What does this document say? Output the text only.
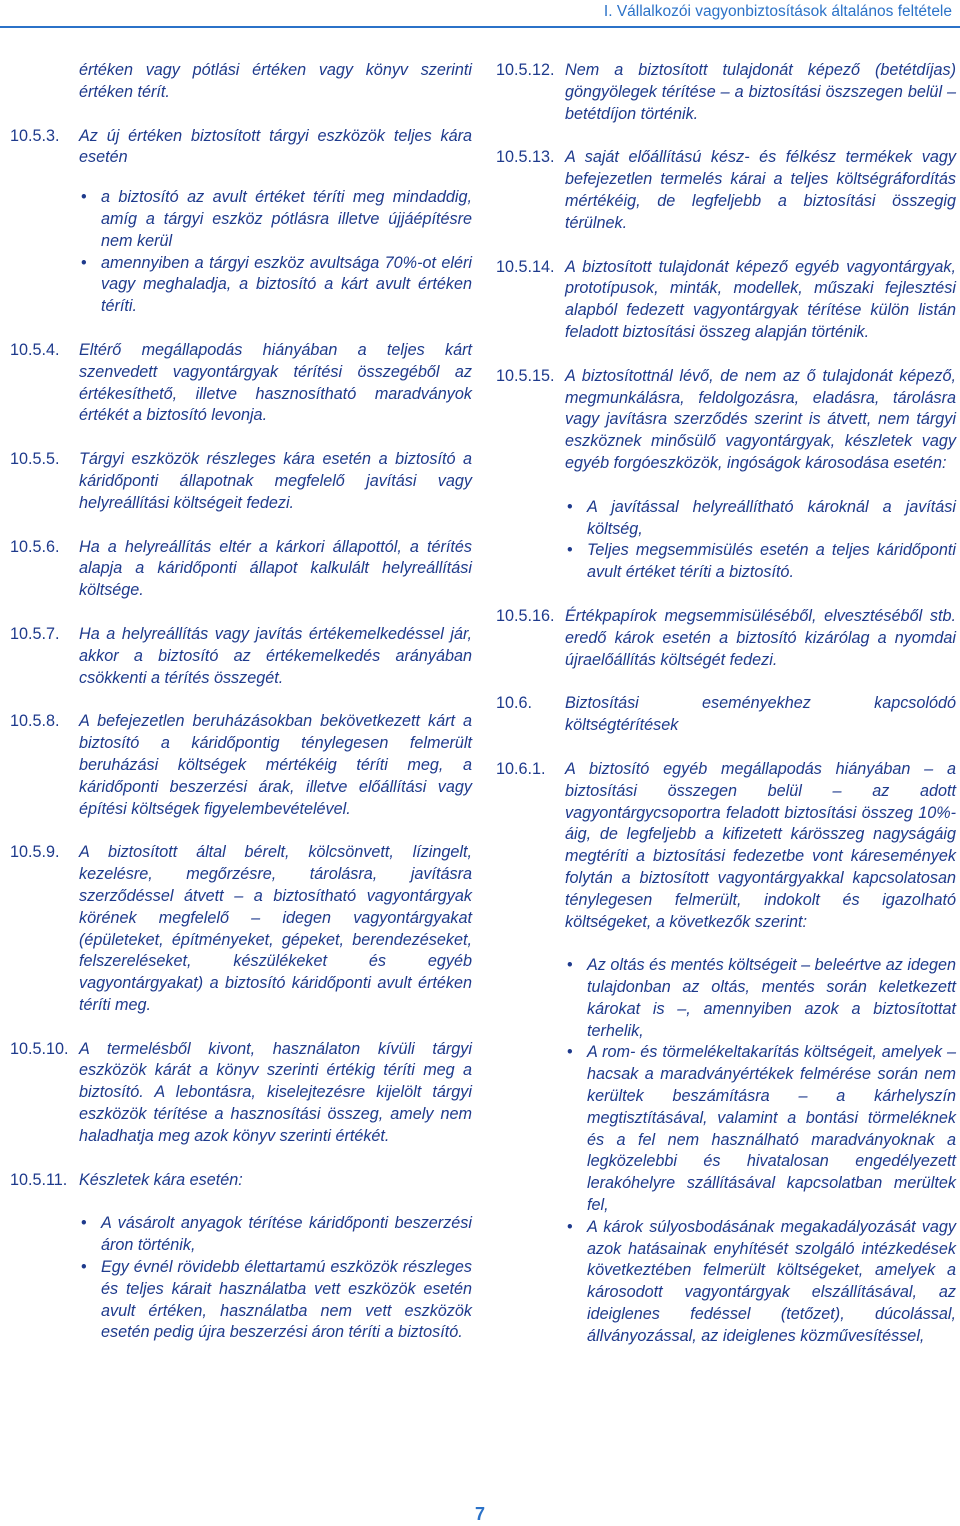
I. Vállalkozói vagyonbiztosítások általános feltétele
értéken vagy pótlási értéken vagy könyv szerinti értéken térít.
10.5.3.	Az új értéken biztosított tárgyi eszközök teljes kára esetén
• a biztosító az avult értéket téríti meg mindaddig, amíg a tárgyi eszköz pótlásra illetve újjáépítésre nem kerül
• amennyiben a tárgyi eszköz avultsága 70%-ot eléri vagy meghaladja, a biztosító a kárt avult értéken téríti.
10.5.4.	Eltérő megállapodás hiányában a teljes kárt szenvedett vagyontárgyak térítési összegéből az értékesíthető, illetve hasznosítható maradványok értékét a biztosító levonja.
10.5.5.	Tárgyi eszközök részleges kára esetén a biztosító a káridőponti állapotnak megfelelő javítási vagy helyreállítási költségeit fedezi.
10.5.6.	Ha a helyreállítás eltér a kárkori állapottól, a térítés alapja a káridőponti állapot kalkulált helyreállítási költsége.
10.5.7.	Ha a helyreállítás vagy javítás értékemelkedéssel jár, akkor a biztosító az értékemelkedés arányában csökkenti a térítés összegét.
10.5.8.	A befejezetlen beruházásokban bekövetkezett kárt a biztosító a káridőpontig ténylegesen felmerült beruházási költségek mértékéig téríti meg, a káridőponti beszerzési árak, illetve előállítási vagy építési költségek figyelembevételével.
10.5.9.	A biztosított által bérelt, kölcsönvett, lízingelt, kezelésre, megőrzésre, tárolásra, javításra szerződéssel átvett – a biztosítható vagyontárgyak körének megfelelő – idegen vagyontárgyakat (épületeket, építményeket, gépeket, berendezéseket, felszereléseket, készülékeket és egyéb vagyontárgyakat) a biztosító káridőponti avult értéken téríti meg.
10.5.10. A termelésből kivont, használaton kívüli tárgyi eszközök kárát a könyv szerinti értékig téríti meg a biztosító. A lebontásra, kiselejtezésre kijelölt tárgyi eszközök térítése a hasznosítási összeg, amely nem haladhatja meg azok könyv szerinti értékét.
10.5.11. Készletek kára esetén:
• A vásárolt anyagok térítése káridőponti beszerzési áron történik,
• Egy évnél rövidebb élettartamú eszközök részleges és teljes kárait használatba vett eszközök esetén avult értéken, használatba nem vett eszközök esetén pedig újra beszerzési áron téríti a biztosító.
10.5.12. Nem a biztosított tulajdonát képező (betétdíjas) göngyölegek térítése – a biztosítási öszszegen belül – betétdíjon történik.
10.5.13. A saját előállítású kész- és félkész termékek vagy befejezetlen termelés kárai a teljes költségráfordítás mértékéig, de legfeljebb a biztosítási összegig térülnek.
10.5.14. A biztosított tulajdonát képező egyéb vagyontárgyak, prototípusok, minták, modellek, műszaki fejlesztési alapból fedezett vagyontárgyak térítése külön listán feladott biztosítási összeg alapján történik.
10.5.15. A biztosítottnál lévő, de nem az ő tulajdonát képező, megmunkálásra, feldolgozásra, eladásra, tárolásra vagy javításra szerződés szerint is átvett, nem tárgyi eszköznek minősülő vagyontárgyak, készletek vagy egyéb forgóeszközök, ingóságok károsodása esetén:
• A javítással helyreállítható károknál a javítási költség,
• Teljes megsemmisülés esetén a teljes káridőponti avult értéket téríti a biztosító.
10.5.16. Értékpapírok megsemmisüléséből, elvesztéséből stb. eredő károk esetén a biztosító kizárólag a nyomdai újraelőállítás költségét fedezi.
10.6.	Biztosítási eseményekhez kapcsolódó költségtérítések
10.6.1.	A biztosító egyéb megállapodás hiányában – a biztosítási összegen belül – az adott vagyontárgycsoportra feladott biztosítási összeg 10%-áig, de legfeljebb a kifizetett kárösszeg nagyságáig megtéríti a biztosítási fedezetbe vont káresemények folytán a biztosított vagyontárgyakkal kapcsolatosan ténylegesen felmerült, indokolt és igazolható költségeket, a következők szerint:
• Az oltás és mentés költségeit – beleértve az idegen tulajdonban az oltás, mentés során keletkezett károkat is –, amennyiben azok a biztosítottat terhelik,
• A rom- és törmelékeltakarítás költségeit, amelyek – hacsak a maradványértékek felmérése során nem kerültek beszámításra – a kárhelyszín megtisztításával, valamint a bontási törmeléknek és a fel nem használható maradványoknak a legközelebbi és hivatalosan engedélyezett lerakóhelyre szállításával kapcsolatban merültek fel,
• A károk súlyosbodásának megakadályozását vagy azok hatásainak enyhítését szolgáló intézkedések következtében felmerült költségeket, amelyek a károsodott vagyontárgyak elszállításával, az ideiglenes fedéssel (tetőzet), dúcolással, állványozással, az ideiglenes közművesítéssel,
7
